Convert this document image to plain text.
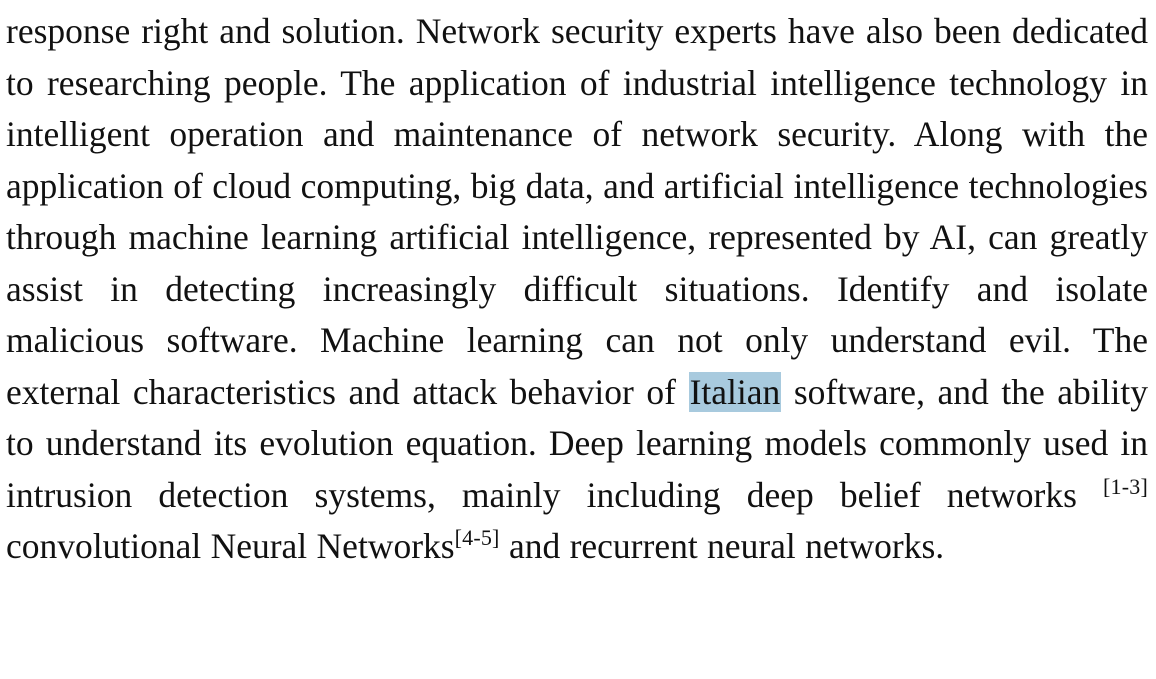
response right and solution. Network security experts have also been dedicated to researching people. The application of industrial intelligence technology in intelligent operation and maintenance of network security. Along with the application of cloud computing, big data, and artificial intelligence technologies through machine learning artificial intelligence, represented by AI, can greatly assist in detecting increasingly difficult situations. Identify and isolate malicious software. Machine learning can not only understand evil. The external characteristics and attack behavior of Italian software, and the ability to understand its evolution equation. Deep learning models commonly used in intrusion detection systems, mainly including deep belief networks [1-3] convolutional Neural Networks[4-5] and recurrent neural networks.
